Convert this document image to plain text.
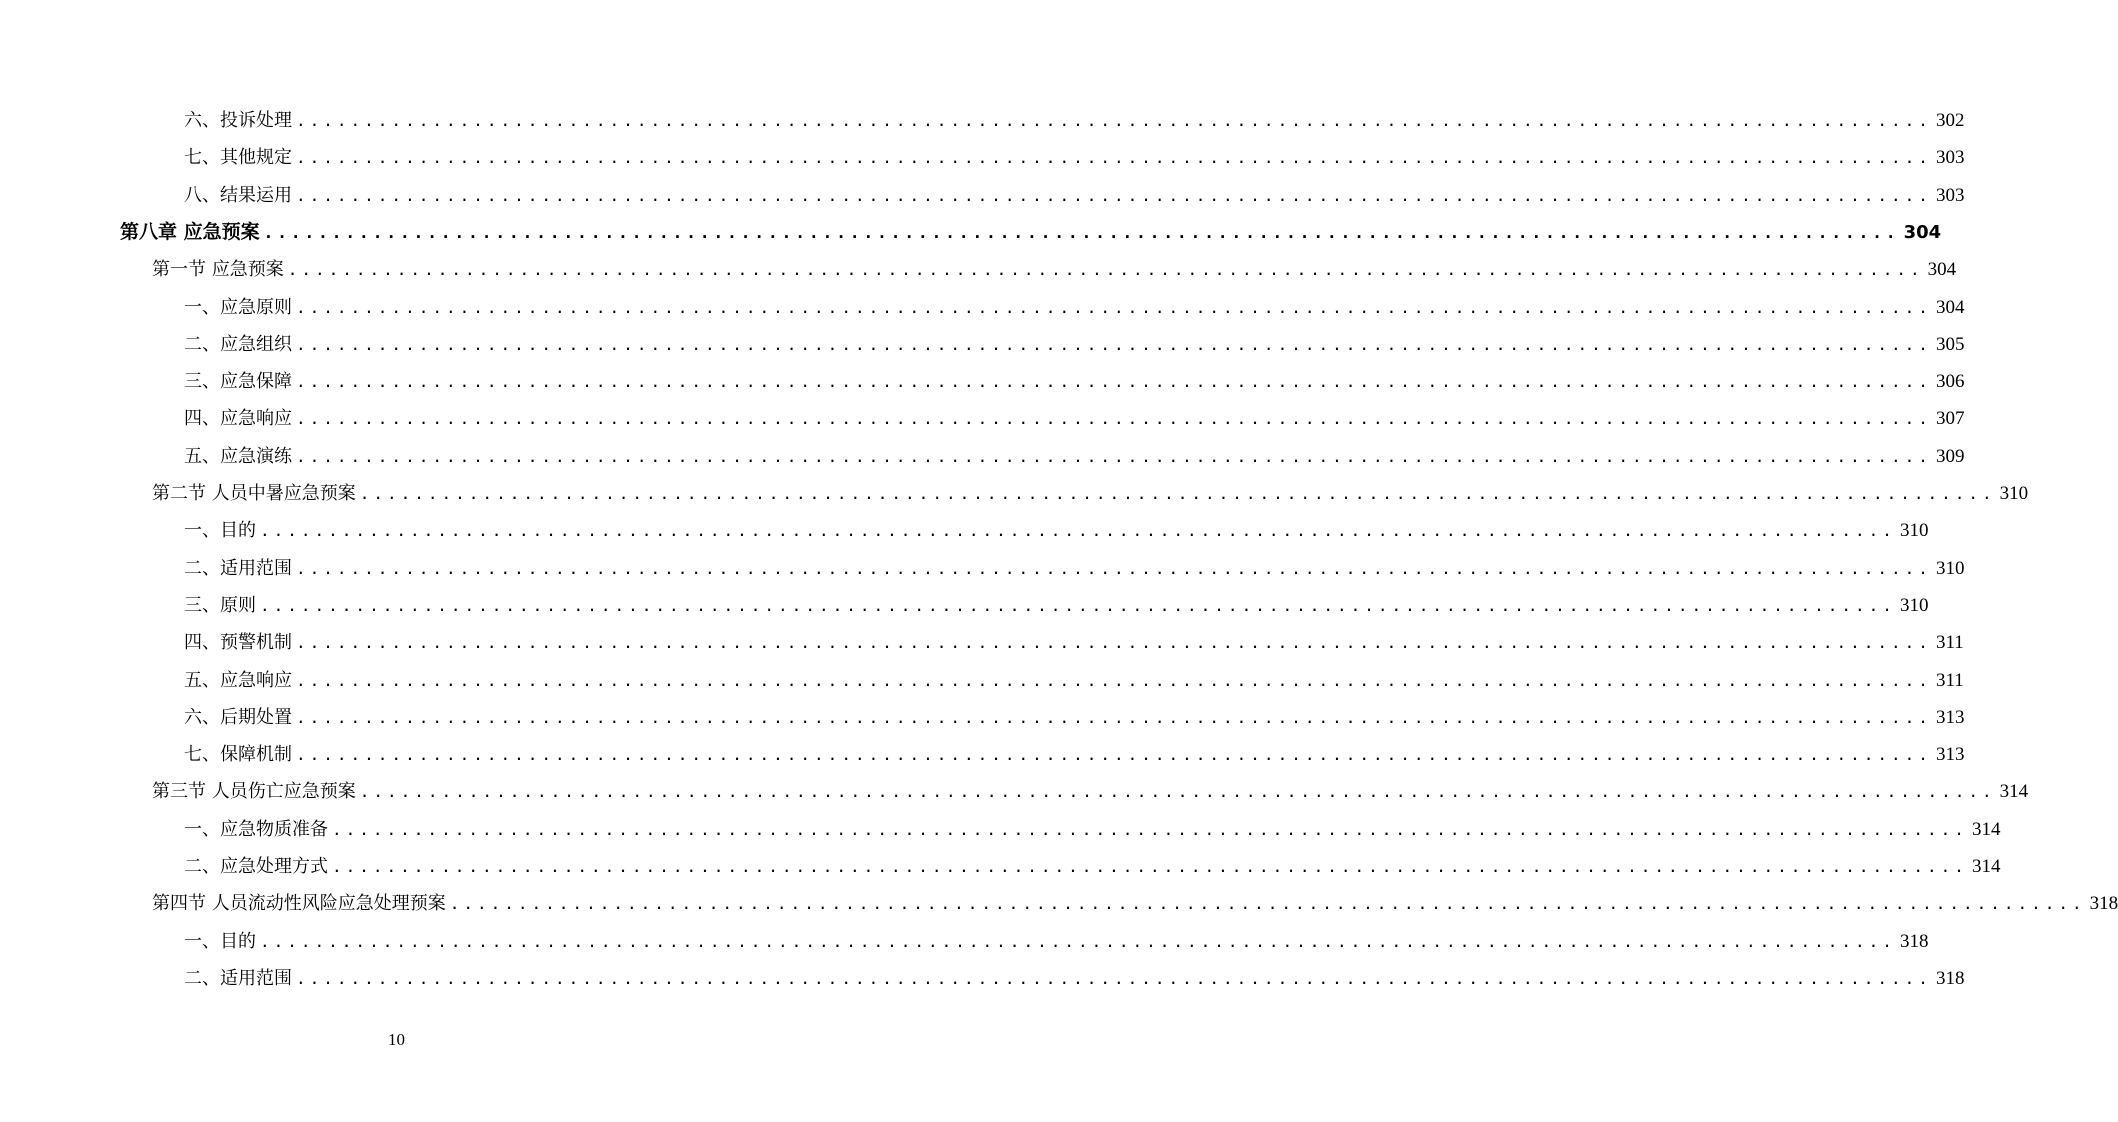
六、投诉处理 ........................................................................................................................ 302
七、其他规定 ........................................................................................................................ 303
八、结果运用 ........................................................................................................................ 303
第八章 应急预案 ........................................................................................................................ 304
第一节 应急预案 ........................................................................................................................ 304
一、应急原则 ........................................................................................................................ 304
二、应急组织 ........................................................................................................................ 305
三、应急保障 ........................................................................................................................ 306
四、应急响应 ........................................................................................................................ 307
五、应急演练 ........................................................................................................................ 309
第二节 人员中暑应急预案 ........................................................................................................................ 310
一、目的 ........................................................................................................................ 310
二、适用范围 ........................................................................................................................ 310
三、原则 ........................................................................................................................ 310
四、预警机制 ........................................................................................................................ 311
五、应急响应 ........................................................................................................................ 311
六、后期处置 ........................................................................................................................ 313
七、保障机制 ........................................................................................................................ 313
第三节 人员伤亡应急预案 ........................................................................................................................ 314
一、应急物质准备 ........................................................................................................................ 314
二、应急处理方式 ........................................................................................................................ 314
第四节 人员流动性风险应急处理预案 ........................................................................................................................ 318
一、目的 ........................................................................................................................ 318
二、适用范围 ........................................................................................................................ 318
10
